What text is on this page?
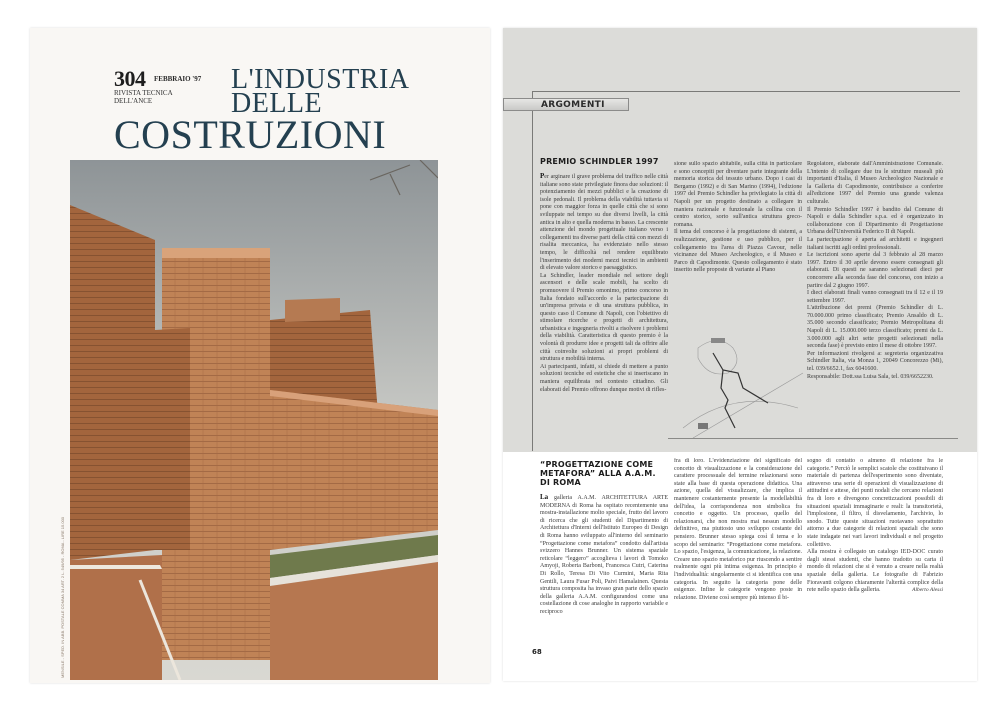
304 FEBBRAIO '97
RIVISTA TECNICA
DELL'ANCE
L'INDUSTRIA
DELLE
COSTRUZIONI
MENSILE - SPED. IN ABB. POSTALE COMMA 34 ART. 2 L. 549/95 - ROMA - LIRE 15.000
ARGOMENTI
PREMIO SCHINDLER 1997

Per arginare il grave problema del traffico nelle città italiane sono state privilegiate finora due soluzioni: il potenziamento dei mezzi pubblici e la creazione di isole pedonali. Il problema della viabilità tuttavia si pone con maggior forza in quelle città che si sono sviluppate nel tempo su due diversi livelli, la città antica in alto e quella moderna in basso. La crescente attenzione del mondo progettuale italiano verso i collegamenti tra diverse parti della città con mezzi di risalita meccanica, ha evidenziato nello stesso tempo, le difficoltà nel rendere equilibrato l'inserimento dei moderni mezzi tecnici in ambienti di elevato valore storico e paesaggistico.

La Schindler, leader mondiale nel settore degli ascensori e delle scale mobili, ha scelto di promuovere il Premio omonimo, primo concorso in Italia fondato sull'accordo e la partecipazione di un'impresa privata e di una struttura pubblica, in questo caso il Comune di Napoli, con l'obiettivo di stimolare ricerche e progetti di architettura, urbanistica e ingegneria rivolti a risolvere i problemi della viabilità. Caratteristica di questo premio è la volontà di produrre idee e progetti tali da offrire alle città coinvolte soluzioni ai propri problemi di struttura e mobilità interna.

Ai partecipanti, infatti, si chiede di mettere a punto soluzioni tecniche ed estetiche che si inseriscano in maniera equilibrata nel contesto cittadino. Gli elaborati del Premio offrono dunque motivi di rifles-

sione sullo spazio abitabile, sulla città in particolare e sono concepiti per diventare parte integrante della memoria storica del tessuto urbano. Dopo i casi di Bergamo (1992) e di San Marino (1994), l'edizione 1997 del Premio Schindler ha privilegiato la città di Napoli per un progetto destinato a collegare in maniera razionale e funzionale la collina con il centro storico, sorto sull'antica struttura greco-romana.

Il tema del concorso è la progettazione di sistemi, a realizzazione, gestione e uso pubblico, per il collegamento tra l'area di Piazza Cavour, nelle vicinanze del Museo Archeologico, e il Museo e Parco di Capodimonte. Questo collegamento è stato inserito nelle proposte di variante al Piano

Regolatore, elaborate dall'Amministrazione Comunale. L'intento di collegare due tra le strutture museali più importanti d'Italia, il Museo Archeologico Nazionale e la Galleria di Capodimonte, contribuisce a conferire all'edizione 1997 del Premio una grande valenza culturale.

Il Premio Schindler 1997 è bandito dal Comune di Napoli e dalla Schindler s.p.a. ed è organizzato in collaborazione con il Dipartimento di Progettazione Urbana dell'Università Federico II di Napoli.

La partecipazione è aperta ad architetti e ingegneri italiani iscritti agli ordini professionali.

Le iscrizioni sono aperte dal 3 febbraio al 28 marzo 1997. Entro il 30 aprile devono essere consegnati gli elaborati. Di questi ne saranno selezionati dieci per concorrere alla seconda fase del concorso, con inizio a partire dal 2 giugno 1997.

I dieci elaborati finali vanno consegnati tra il 12 e il 19 settembre 1997.

L'attribuzione dei premi (Premio Schindler di L. 70.000.000 primo classificato; Premio Ansaldo di L. 35.000 secondo classificato; Premio Metropolitana di Napoli di L. 15.000.000 terzo classificato; premi da L. 3.000.000 agli altri sette progetti selezionati nella seconda fase) è previsto entro il mese di ottobre 1997.

Per informazioni rivolgersi a: segreteria organizzativa Schindler Italia, via Monza 1, 20049 Concorezzo (Mi), tel. 039/6652.1, fax 6041600.

Responsabile: Dott.ssa Luisa Sala, tel. 039/6652230.

“PROGETTAZIONE COME
METAFORA” ALLA A.A.M.
DI ROMA

La galleria A.A.M. ARCHITETTURA ARTE MODERNA di Roma ha ospitato recentemente una mostra-installazione molto speciale, frutto del lavoro di ricerca che gli studenti del Dipartimento di Architettura d'Interni dell'Istituto Europeo di Design di Roma hanno sviluppato all'interno del seminario “Progettazione come metafora” condotto dall'artista svizzero Hannes Brunner. Un sistema spaziale reticolare “leggero” accoglieva i lavori di Tomoko Amyoji, Roberta Barboni, Francesca Cutri, Caterina Di Rollo, Teresa Di Vito Curmini, Maria Rita Gentili, Laura Fusar Poli, Paivi Hamalainen. Questa struttura composita ha invaso gran parte dello spazio della galleria A.A.M. configurandosi come una costellazione di cose analoghe in rapporto variabile e reciproco

fra di loro. L'evidenziazione del significato del concetto di visualizzazione e la considerazione del carattere processuale del termine relazionarsi sono state alla base di questa operazione didattica. Una azione, quella del visualizzare, che implica il mantenere costantemente presente la modellabilità dell'idea, la corrispondenza non simbolica fra concetto e oggetto. Un processo, quello del relazionarsi, che non mostra mai nessun modello definitivo, ma piuttosto uno sviluppo costante del pensiero. Brunner stesso spiega così il tema e lo scopo del seminario: “Progettazione come metafora. Lo spazio, l'esigenza, la comunicazione, la relazione. Creare uno spazio metaforico pur riuscendo a sentire realmente ogni più intima esigenza. In principio è l'individualità: singolarmente ci si identifica con una categoria. In seguito la categoria pone delle esigenze. Infine le categorie vengono poste in relazione. Diviene così sempre più intenso il bi-

sogno di contatto o almeno di relazione fra le categorie.” Perciò le semplici scatole che costituivano il materiale di partenza dell'esperimento sono diventate, attraverso una serie di operazioni di visualizzazione di attitudini e attese, dei punti nodali che cercano relazioni fra di loro e divengono concretizzazioni possibili di situazioni spaziali immaginarie e reali: la transitorietà, l'implosione, il filtro, il disvelamento, l'archivio, lo snodo. Tutte queste situazioni ruotavano soprattutto attorno a due categorie di relazioni spaziali che sono state indagate nei vari lavori individuali e nel progetto collettivo.

Alla mostra è collegato un catalogo IED-DOC curato dagli stessi studenti, che hanno tradotto su carta il mondo di relazioni che si è venuto a creare nella realtà spaziale della galleria. Le fotografie di Fabrizio Fioravanti colgono chiaramente l'alterità complice della rete nello spazio della galleria.	Alberto Alessi

68
